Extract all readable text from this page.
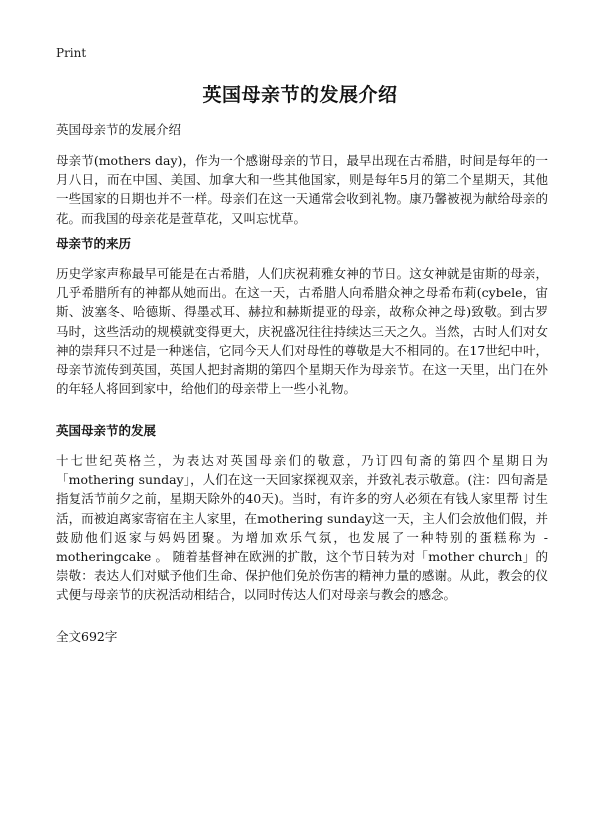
Print
英国母亲节的发展介绍

英国母亲节的发展介绍

母亲节(mothers day)，作为一个感谢母亲的节日，最早出现在古希腊，时间是每年的一月八日，而在中国、美国、加拿大和一些其他国家，则是每年5月的第二个星期天，其他一些国家的日期也并不一样。母亲们在这一天通常会收到礼物。康乃馨被视为献给母亲的花。而我国的母亲花是萱草花，又叫忘忧草。

母亲节的来历

历史学家声称最早可能是在古希腊，人们庆祝莉雅女神的节日。这女神就是宙斯的母亲，几乎希腊所有的神都从她而出。在这一天，古希腊人向希腊众神之母希布莉(cybele，宙斯、波塞冬、哈德斯、得墨忒耳、赫拉和赫斯提亚的母亲，故称众神之母)致敬。到古罗马时，这些活动的规模就变得更大，庆祝盛况往往持续达三天之久。当然，古时人们对女神的崇拜只不过是一种迷信，它同今天人们对母性的尊敬是大不相同的。在17世纪中叶，母亲节流传到英国，英国人把封斋期的第四个星期天作为母亲节。在这一天里，出门在外的年轻人将回到家中，给他们的母亲带上一些小礼物。

英国母亲节的发展

十七世纪英格兰，为表达对英国母亲们的敬意，乃订四旬斋的第四个星期日为「mothering sunday」，人们在这一天回家探视双亲，并致礼表示敬意。(注：四旬斋是指复活节前夕之前，星期天除外的40天)。当时，有许多的穷人必须在有钱人家里帮 讨生活，而被迫离家寄宿在主人家里，在mothering sunday这一天，主人们会放他们假，并鼓励他们返家与妈妈团聚。为增加欢乐气氛，也发展了一种特别的蛋糕称为 -motheringcake 。 随着基督神在欧洲的扩散，这个节日转为对「mother church」的崇敬：表达人们对赋予他们生命、保护他们免於伤害的精神力量的感谢。从此，教会的仪式便与母亲节的庆祝活动相结合，以同时传达人们对母亲与教会的感念。

全文692字
